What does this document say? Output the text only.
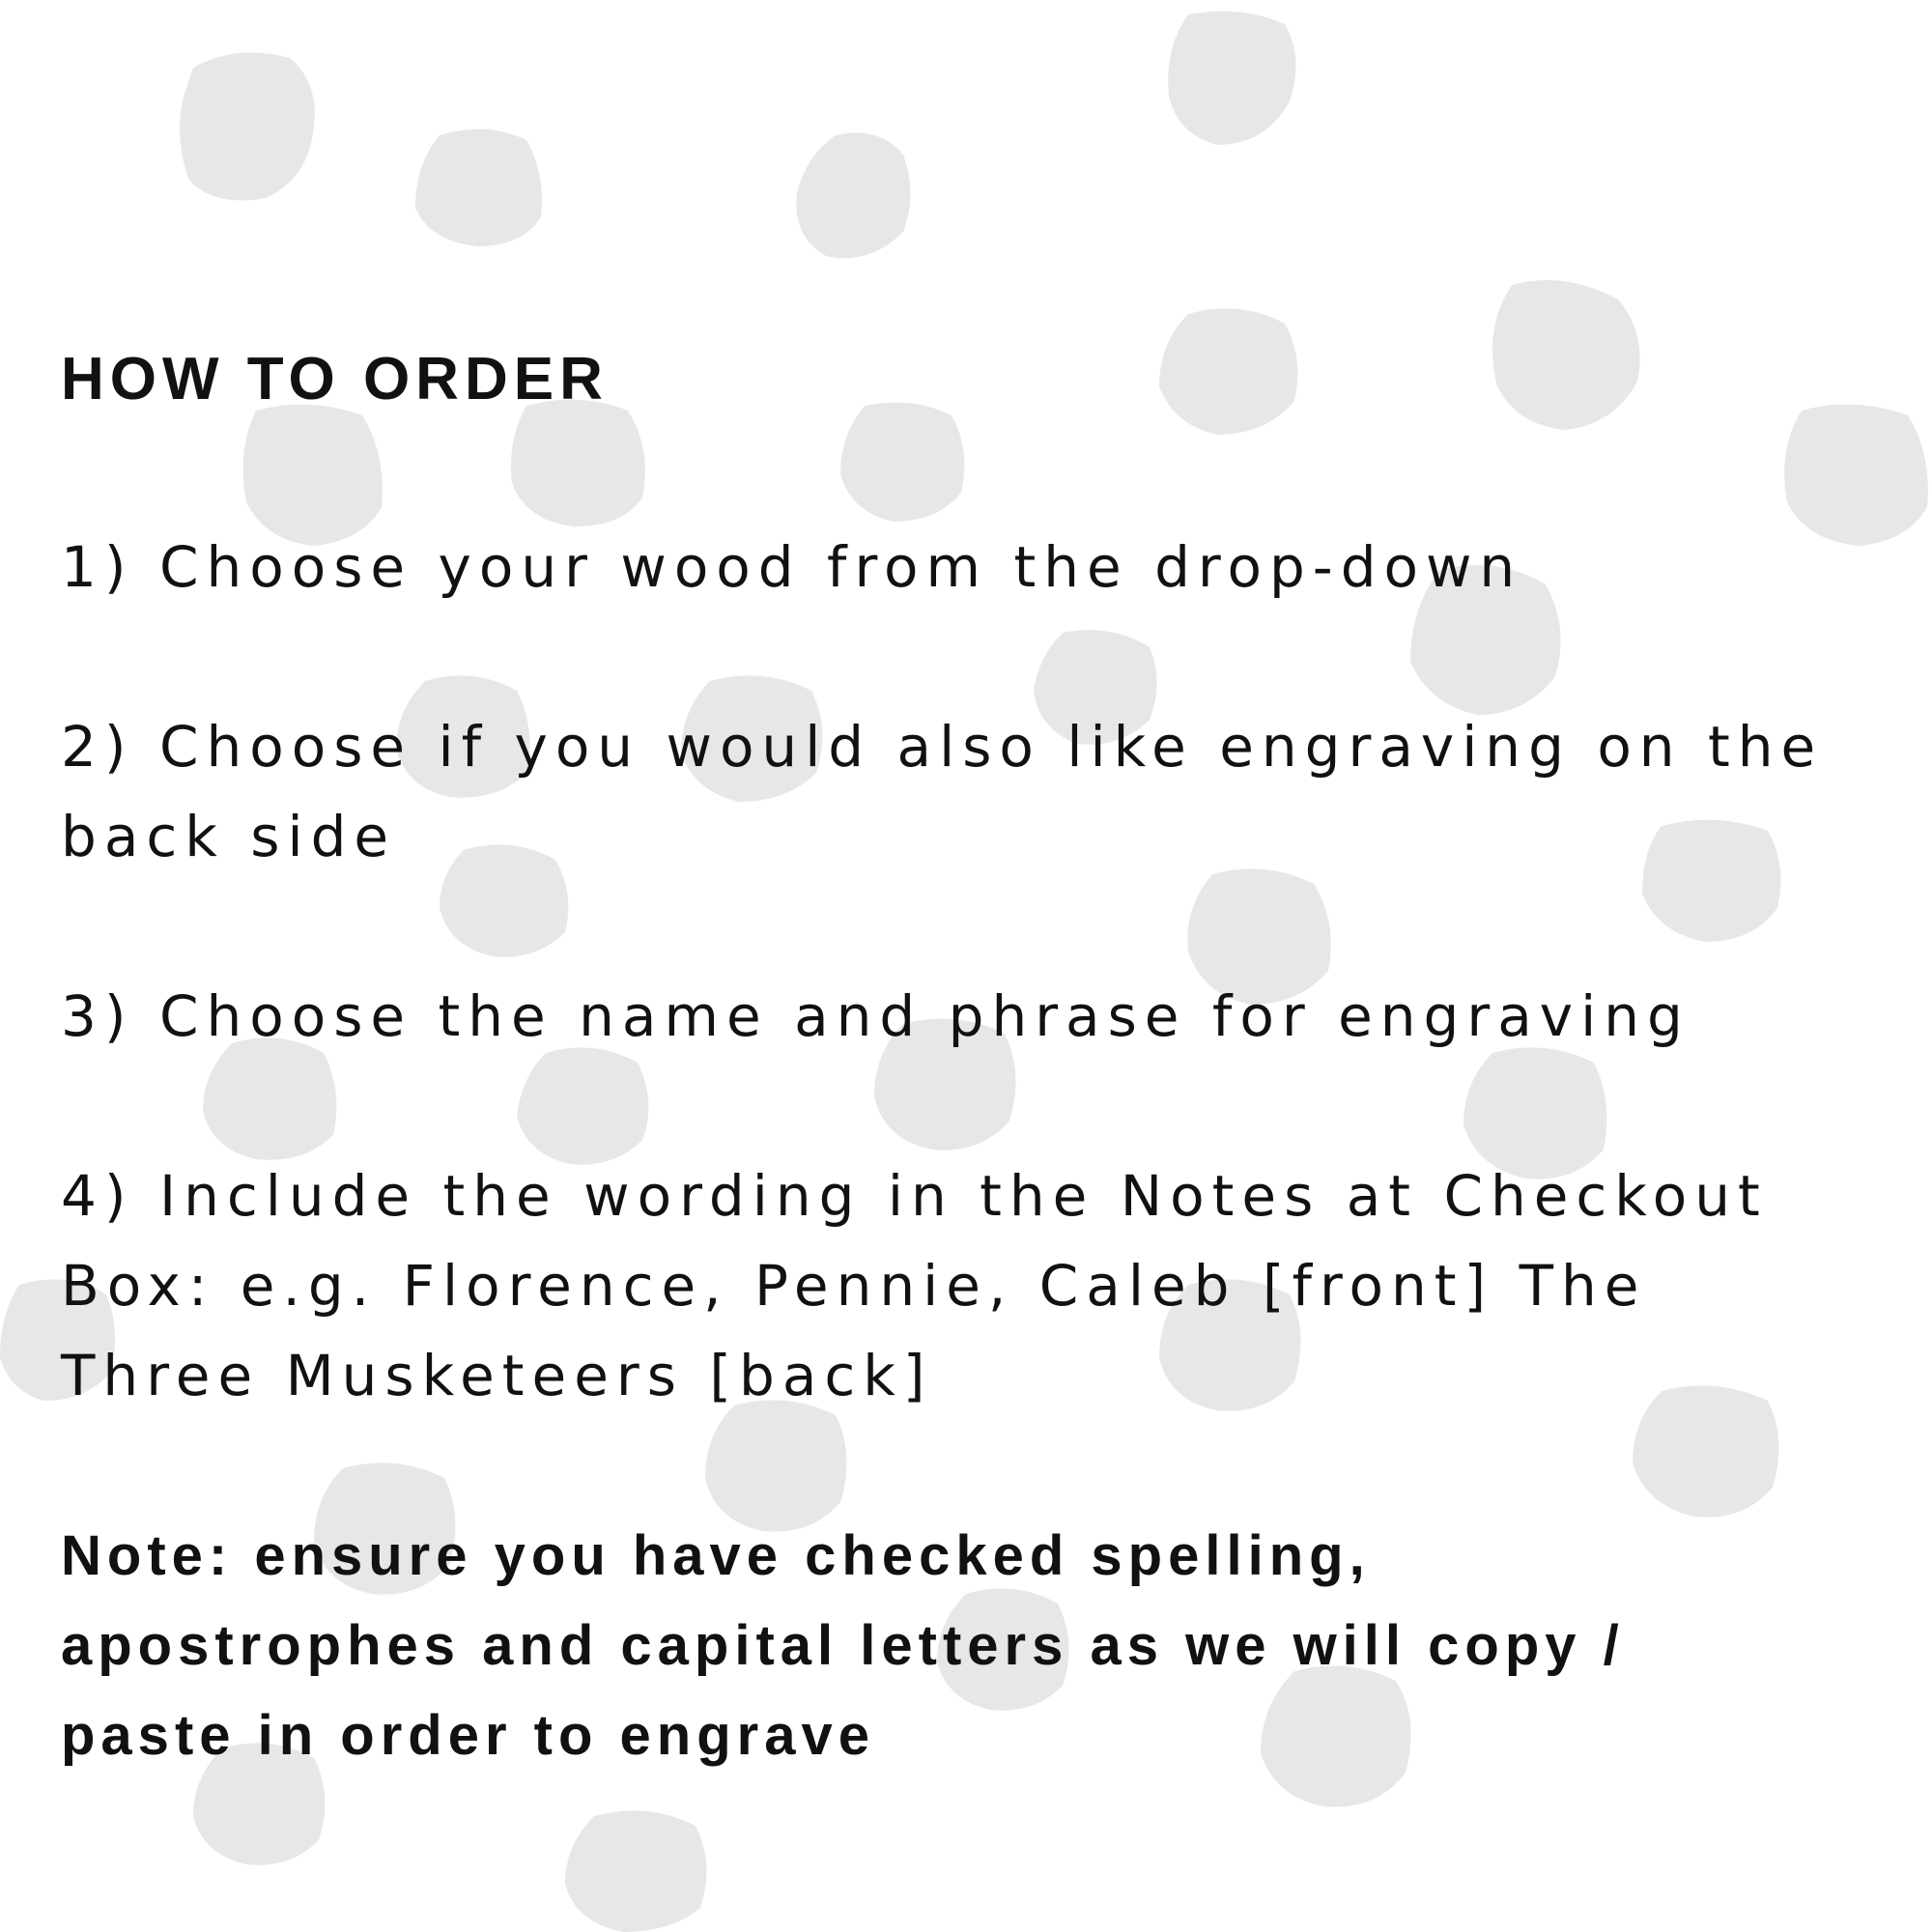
HOW TO ORDER
1) Choose your wood from the drop-down
2) Choose if you would also like engraving on the back side
3) Choose the name and phrase for engraving
4) Include the wording in the Notes at Checkout Box: e.g. Florence, Pennie, Caleb [front] The Three Musketeers [back]
Note: ensure you have checked spelling, apostrophes and capital letters as we will copy / paste in order to engrave
